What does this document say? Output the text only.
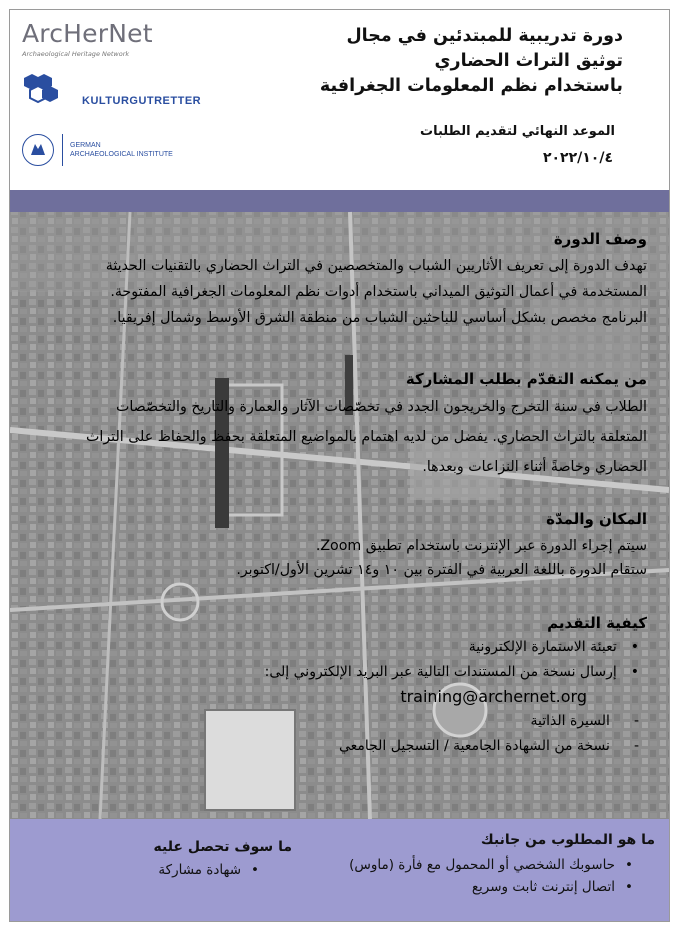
ArcHerNet
Archaeological Heritage Network
KULTURGUTRETTER
GERMAN
ARCHAEOLOGICAL INSTITUTE
دورة تدريبية للمبتدئين في مجال
توثيق التراث الحضاري
باستخدام نظم المعلومات الجغرافية
الموعد النهائي لتقديم الطلبات
٢٠٢٢/١٠/٤
وصف الدورة
تهدف الدورة إلى تعريف الأثاريين الشباب والمتخصصين في التراث الحضاري بالتقنيات الحديثة
المستخدمة في أعمال التوثيق الميداني باستخدام أدوات نظم المعلومات الجغرافية المفتوحة.
البرنامج مخصص بشكل أساسي للباحثين الشباب من منطقة الشرق الأوسط وشمال إفريقيا.
من يمكنه التقدّم بطلب المشاركة
الطلاب في سنة التخرج والخريجون الجدد في تخصّصات الآثار والعمارة والتاريخ والتخصّصات
المتعلقة بالتراث الحضاري. يفضل من لديه اهتمام بالمواضيع المتعلقة بحفظ والحفاظ على التراث
الحضاري وخاصةً أثناء النزاعات وبعدها.
المكان والمدّة
سيتم إجراء الدورة عبر الإنترنت باستخدام تطبيق Zoom.
ستقام الدورة باللغة العربية في الفترة بين ١٠ و١٤ تشرين الأول/اكتوبر.
كيفية التقديم
• تعبئة الاستمارة الإلكترونية
• إرسال نسخة من المستندات التالية عبر البريد الإلكتروني إلى:
training@archernet.org
- السيرة الذاتية
- نسخة من الشهادة الجامعية / التسجيل الجامعي
ما هو المطلوب من جانبك
• حاسوبك الشخصي أو المحمول مع فأرة (ماوس)
• اتصال إنترنت ثابت وسريع
ما سوف تحصل عليه
• شهادة مشاركة
